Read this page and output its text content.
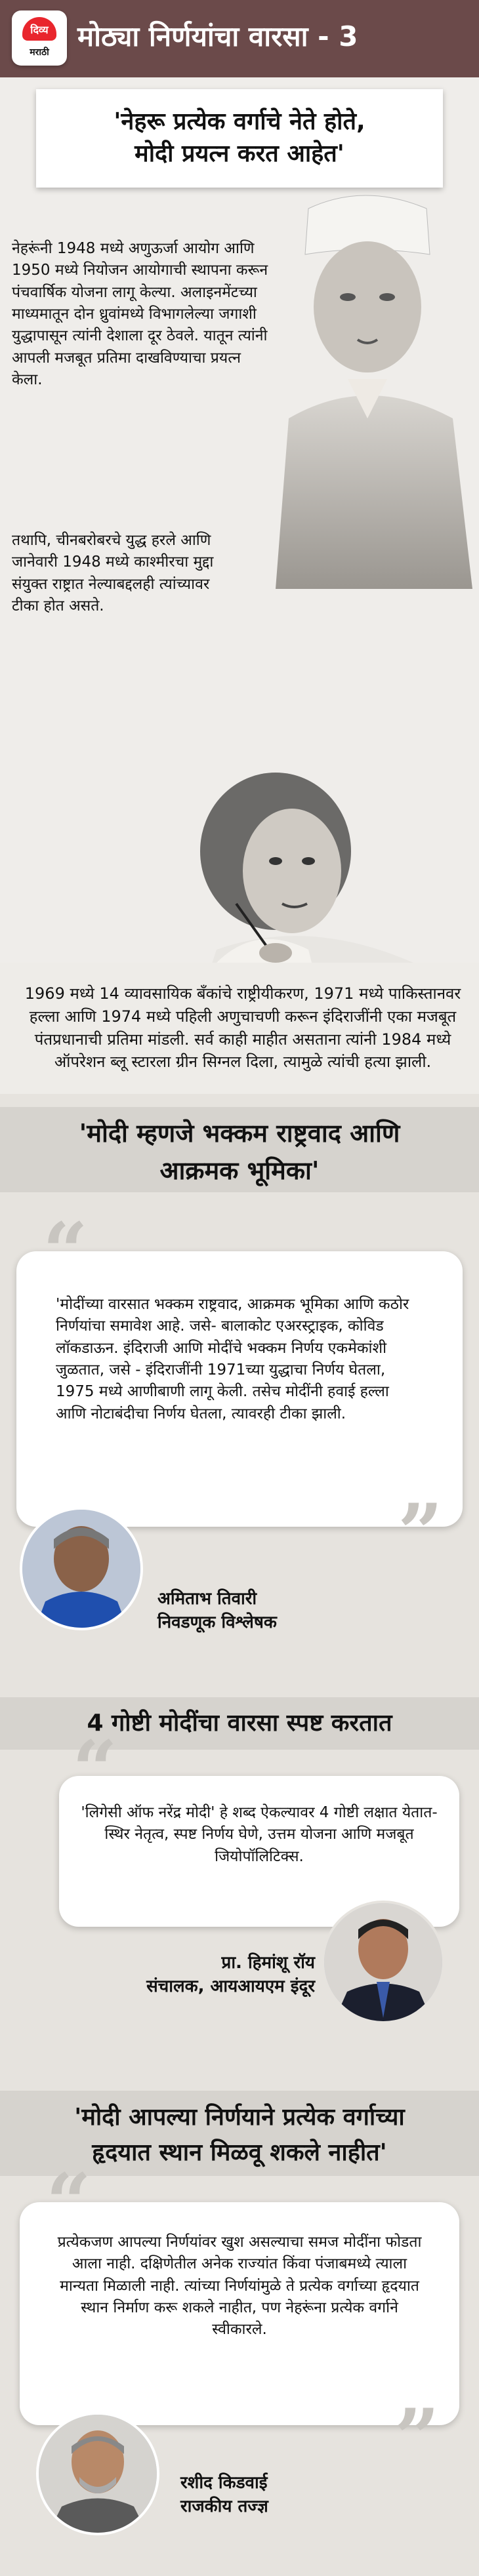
दिव्य
मराठी	मोठ्या निर्णयांचा वारसा - 3
'नेहरू प्रत्येक वर्गाचे नेते होते,
मोदी प्रयत्न करत आहेत'
नेहरूंनी 1948 मध्ये अणुऊर्जा आयोग आणि 1950 मध्ये नियोजन आयोगाची स्थापना करून पंचवार्षिक योजना लागू केल्या. अलाइनमेंटच्या माध्यमातून दोन ध्रुवांमध्ये विभागलेल्या जगाशी युद्धापासून त्यांनी देशाला दूर ठेवले. यातून त्यांनी आपली मजबूत प्रतिमा दाखविण्याचा प्रयत्न केला.
तथापि, चीनबरोबरचे युद्ध हरले आणि जानेवारी 1948 मध्ये काश्मीरचा मुद्दा संयुक्त राष्ट्रात नेल्याबद्दलही त्यांच्यावर टीका होत असते.
1969 मध्ये 14 व्यावसायिक बँकांचे राष्ट्रीयीकरण, 1971 मध्ये पाकिस्तानवर हल्ला आणि 1974 मध्ये पहिली अणुचाचणी करून इंदिराजींनी एका मजबूत पंतप्रधानाची प्रतिमा मांडली. सर्व काही माहीत असताना त्यांनी 1984 मध्ये ऑपरेशन ब्लू स्टारला ग्रीन सिग्नल दिला, त्यामुळे त्यांची हत्या झाली.
'मोदी म्हणजे भक्कम राष्ट्रवाद आणि
आक्रमक भूमिका'
“
”
'मोदींच्या वारसात भक्कम राष्ट्रवाद, आक्रमक भूमिका आणि कठोर निर्णयांचा समावेश आहे. जसे- बालाकोट एअरस्ट्राइक, कोविड लॉकडाऊन. इंदिराजी आणि मोदींचे भक्कम निर्णय एकमेकांशी जुळतात, जसे - इंदिराजींनी 1971च्या युद्धाचा निर्णय घेतला, 1975 मध्ये आणीबाणी लागू केली. तसेच मोदींनी हवाई हल्ला आणि नोटाबंदीचा निर्णय घेतला, त्यावरही टीका झाली.
अमिताभ तिवारी
निवडणूक विश्लेषक
4 गोष्टी मोदींचा वारसा स्पष्ट करतात
“
'लिगेसी ऑफ नरेंद्र मोदी' हे शब्द ऐकल्यावर 4 गोष्टी लक्षात येतात- स्थिर नेतृत्व, स्पष्ट निर्णय घेणे, उत्तम योजना आणि मजबूत जियोपॉलिटिक्स.
प्रा. हिमांशू रॉय
संचालक, आयआयएम इंदूर
'मोदी आपल्या निर्णयाने प्रत्येक वर्गाच्या
हृदयात स्थान मिळवू शकले नाहीत'
“
”
प्रत्येकजण आपल्या निर्णयांवर खुश असल्याचा समज मोदींना फोडता आला नाही. दक्षिणेतील अनेक राज्यांत किंवा पंजाबमध्ये त्याला मान्यता मिळाली नाही. त्यांच्या निर्णयांमुळे ते प्रत्येक वर्गाच्या हृदयात स्थान निर्माण करू शकले नाहीत, पण नेहरूंना प्रत्येक वर्गाने स्वीकारले.
रशीद किडवाई
राजकीय तज्ज्ञ
